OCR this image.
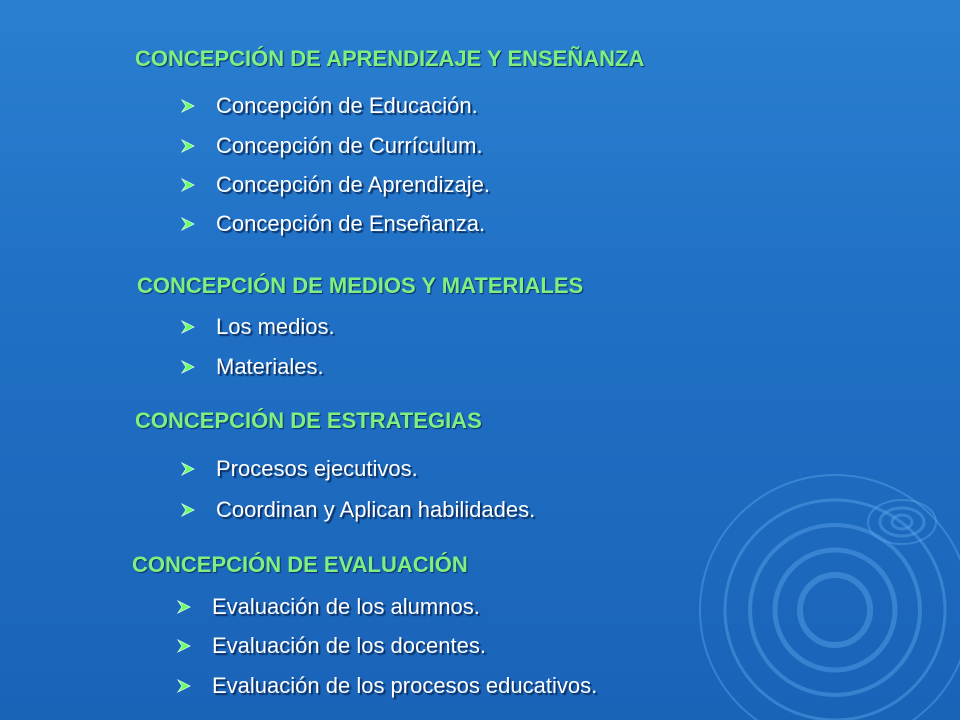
CONCEPCIÓN DE APRENDIZAJE Y ENSEÑANZA
Concepción de Educación.
Concepción de Currículum.
Concepción de Aprendizaje.
Concepción de Enseñanza.
CONCEPCIÓN DE MEDIOS Y MATERIALES
Los medios.
Materiales.
CONCEPCIÓN DE ESTRATEGIAS
Procesos ejecutivos.
Coordinan y Aplican habilidades.
CONCEPCIÓN DE EVALUACIÓN
Evaluación de los alumnos.
Evaluación de los docentes.
Evaluación de los procesos educativos.
